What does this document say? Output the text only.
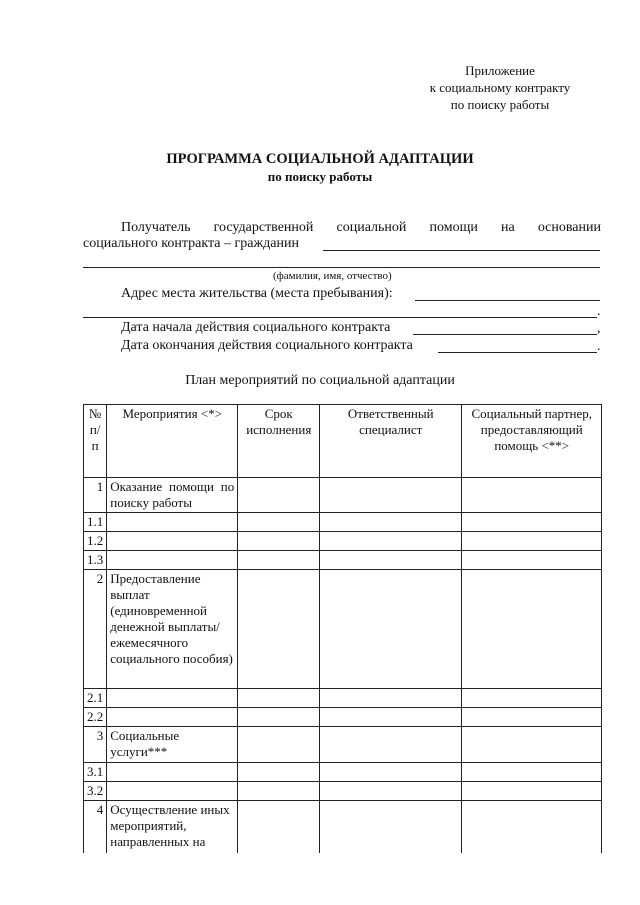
Приложение
к социальному контракту
по поиску работы
ПРОГРАММА СОЦИАЛЬНОЙ АДАПТАЦИИ
по поиску работы
Получатель государственной социальной помощи на основании
социального контракта – гражданин
(фамилия, имя, отчество)
Адрес места жительства (места пребывания):
.
Дата начала действия социального контракта	,
Дата окончания действия социального контракта	.
План мероприятий по социальной адаптации
№ п/п	Мероприятия <*>	Срок исполнения	Ответственный специалист	Социальный партнер, предоставляющий помощь <**>
1	Оказание помощи по поиску работы			
1.1				
1.2				
1.3				
2	Предоставление выплат (единовременной денежной выплаты/ ежемесячного социального пособия)			
2.1				
2.2				
3	Социальные услуги***			
3.1				
3.2				
4	Осуществление иных мероприятий, направленных на			
